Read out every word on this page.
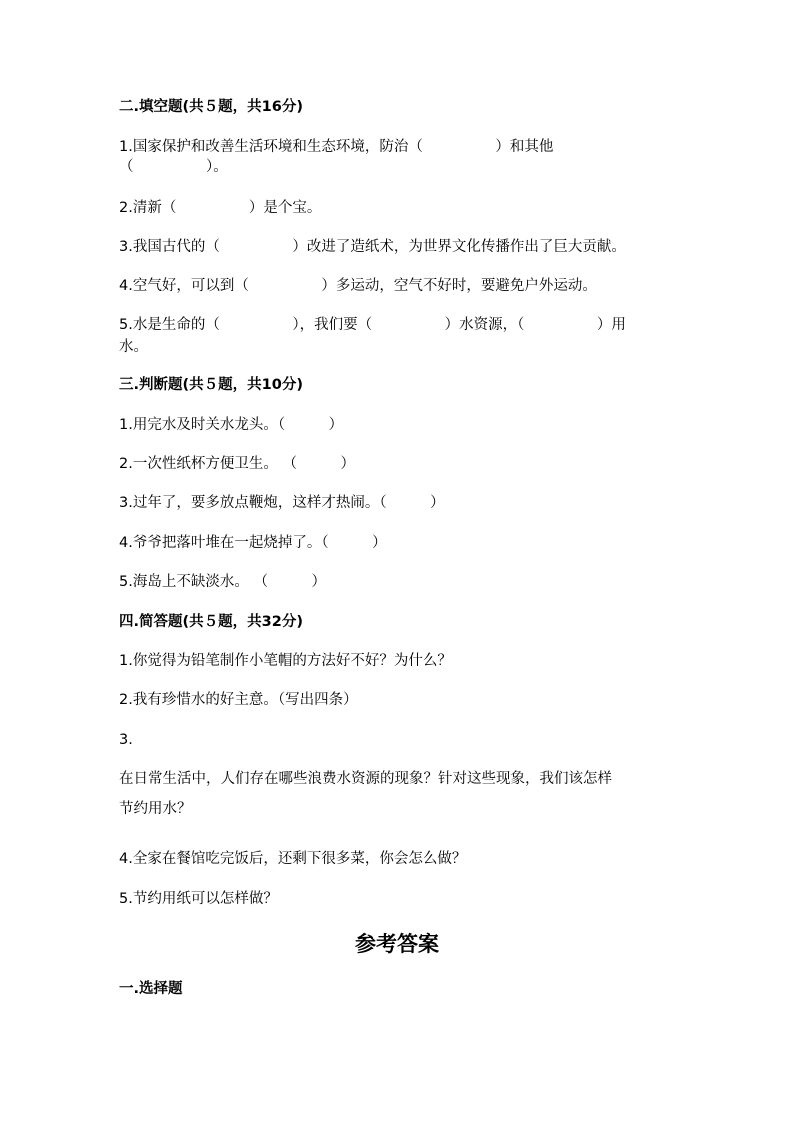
二.填空题(共５题，共16分)
1.国家保护和改善生活环境和生态环境，防治（　　　　　）和其他
（　　　　　）。
2.清新（　　　　　）是个宝。
3.我国古代的（　　　　　）改进了造纸术，为世界文化传播作出了巨大贡献。
4.空气好，可以到（　　　　　）多运动，空气不好时，要避免户外运动。
5.水是生命的（　　　　　），我们要（　　　　　）水资源，（　　　　　）用
水。
三.判断题(共５题，共10分)
1.用完水及时关水龙头。（　　　）
2.一次性纸杯方便卫生。 （　　　）
3.过年了，要多放点鞭炮，这样才热闹。（　　　）
4.爷爷把落叶堆在一起烧掉了。（　　　）
5.海岛上不缺淡水。 （　　　）
四.简答题(共５题，共32分)
1.你觉得为铅笔制作小笔帽的方法好不好？为什么？
2.我有珍惜水的好主意。（写出四条）
3.
在日常生活中，人们存在哪些浪费水资源的现象？针对这些现象，我们该怎样
节约用水？
4.全家在餐馆吃完饭后，还剩下很多菜，你会怎么做？
5.节约用纸可以怎样做？
参考答案
一.选择题
